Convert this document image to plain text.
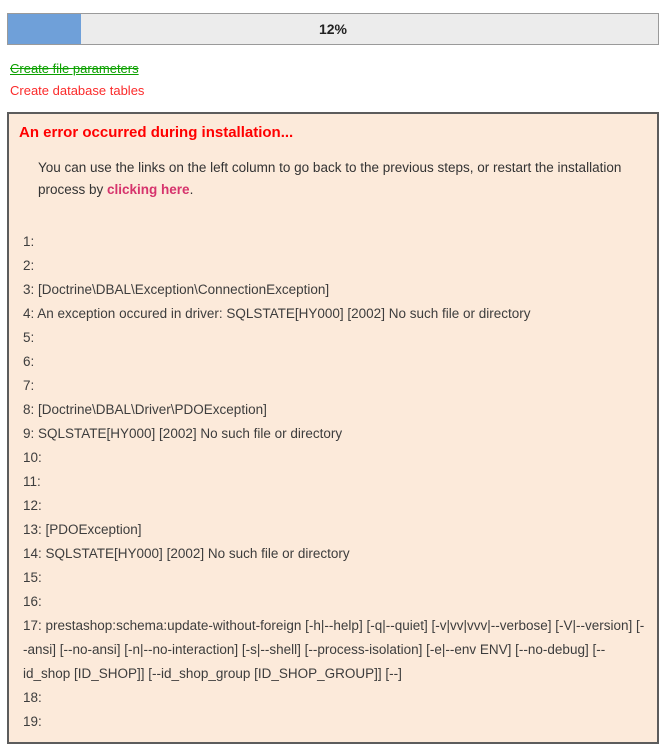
12%
Create file parameters
Create database tables
An error occurred during installation...

You can use the links on the left column to go back to the previous steps, or restart the installation process by clicking here.

1:

2:

3: [Doctrine\DBAL\Exception\ConnectionException]

4: An exception occured in driver: SQLSTATE[HY000] [2002] No such file or directory

5:

6:

7:

8: [Doctrine\DBAL\Driver\PDOException]

9: SQLSTATE[HY000] [2002] No such file or directory

10:

11:

12:

13: [PDOException]

14: SQLSTATE[HY000] [2002] No such file or directory

15:

16:

17: prestashop:schema:update-without-foreign [-h|--help] [-q|--quiet] [-v|vv|vvv|--verbose] [-V|--version] [--ansi] [--no-ansi] [-n|--no-interaction] [-s|--shell] [--process-isolation] [-e|--env ENV] [--no-debug] [--id_shop [ID_SHOP]] [--id_shop_group [ID_SHOP_GROUP]] [--]

18:

19:
